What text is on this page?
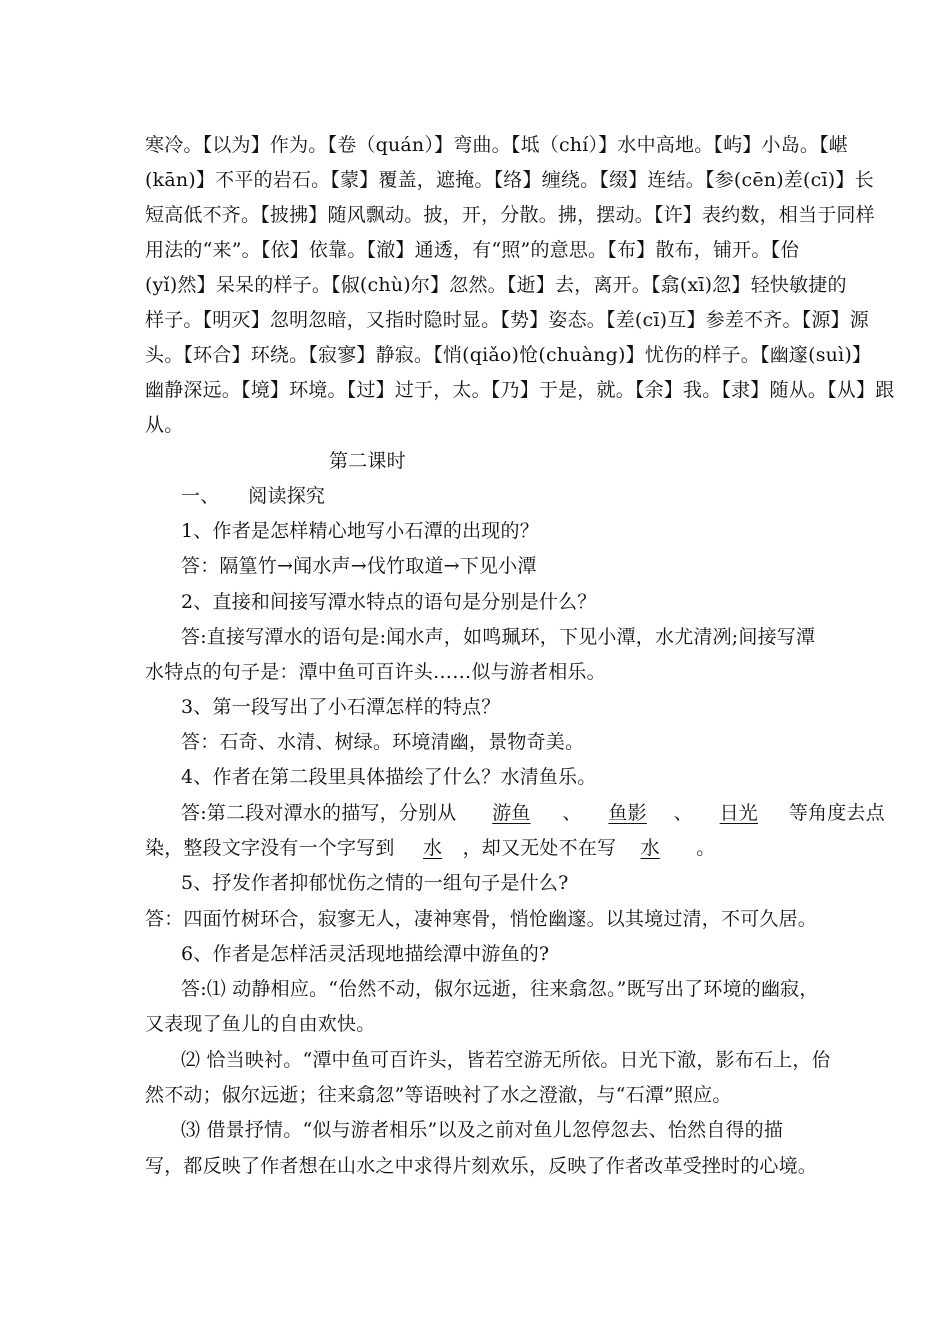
寒冷。【以为】作为。【卷（quán）】弯曲。【坻（chí）】水中高地。【屿】小岛。【嵁
(kān)】不平的岩石。【蒙】覆盖，遮掩。【络】缠绕。【缀】连结。【参(cēn)差(cī)】长
短高低不齐。【披拂】随风飘动。披，开，分散。拂，摆动。【许】表约数，相当于同样
用法的“来”。【依】依靠。【澈】通透，有“照”的意思。【布】散布，铺开。【佁
(yǐ)然】呆呆的样子。【俶(chù)尔】忽然。【逝】去，离开。【翕(xī)忽】轻快敏捷的
样子。【明灭】忽明忽暗，又指时隐时显。【势】姿态。【差(cī)互】参差不齐。【源】源
头。【环合】环绕。【寂寥】静寂。【悄(qiǎo)怆(chuàng)】忧伤的样子。【幽邃(suì)】
幽静深远。【境】环境。【过】过于，太。【乃】于是，就。【余】我。【隶】随从。【从】跟
从。
第二课时
一、　　阅读探究
1、作者是怎样精心地写小石潭的出现的？
答：隔篁竹→闻水声→伐竹取道→下见小潭
2、直接和间接写潭水特点的语句是分别是什么？
答:直接写潭水的语句是:闻水声，如鸣珮环，下见小潭，水尤清冽;间接写潭
水特点的句子是：潭中鱼可百许头……似与游者相乐。
3、第一段写出了小石潭怎样的特点？
答：石奇、水清、树绿。环境清幽，景物奇美。
4、作者在第二段里具体描绘了什么？水清鱼乐。
答:第二段对潭水的描写，分别从 游鱼 、 鱼影 、 日光 等角度去点
染，整段文字没有一个字写到 水 ，却又无处不在写 水 。
5、抒发作者抑郁忧伤之情的一组句子是什么?
答：四面竹树环合，寂寥无人，凄神寒骨，悄怆幽邃。以其境过清，不可久居。
6、作者是怎样活灵活现地描绘潭中游鱼的?
答:⑴ 动静相应。“佁然不动，俶尔远逝，往来翕忽。”既写出了环境的幽寂，
又表现了鱼儿的自由欢快。
⑵ 恰当映衬。“潭中鱼可百许头，皆若空游无所依。日光下澈，影布石上，佁
然不动；俶尔远逝；往来翕忽”等语映衬了水之澄澈，与“石潭”照应。
⑶ 借景抒情。“似与游者相乐”以及之前对鱼儿忽停忽去、怡然自得的描
写，都反映了作者想在山水之中求得片刻欢乐，反映了作者改革受挫时的心境。
